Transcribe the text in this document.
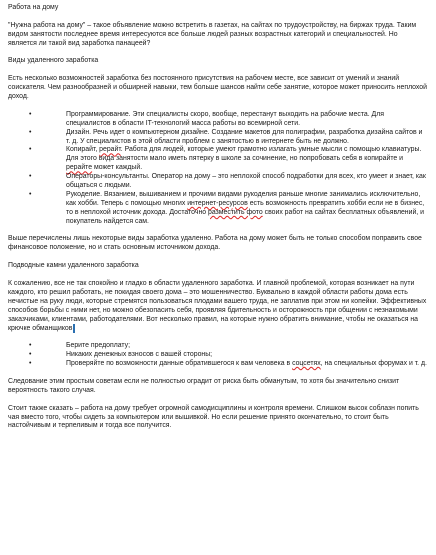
Работа на дому

"Нужна работа на дому" – такое объявление можно встретить в газетах, на сайтах по трудоустройству, на биржах труда. Таким видом занятости последнее время интересуются все больше людей разных возрастных категорий и специальностей. Но является ли такой вид заработка панацеей?

Виды удаленного заработка

Есть несколько возможностей заработка без постоянного присутствия на рабочем месте, все зависит от умений и знаний соискателя. Чем разнообразней и обширней навыки, тем больше шансов найти себе занятие, которое может приносить неплохой доход.

• Программирование. Эти специалисты скоро, вообще, перестанут выходить на рабочие места. Для специалистов в области IT-технологий масса работы во всемирной сети.
• Дизайн. Речь идет о компьютерном дизайне. Создание макетов для полиграфии, разработка дизайна сайтов и т. д. У специалистов в этой области проблем с занятостью в интернете быть не должно.
• Копирайт, рерайт. Работа для людей, которые умеют грамотно излагать умные мысли с помощью клавиатуры. Для этого вида занятости мало иметь пятерку в школе за сочинение, но попробовать себя в копирайте и рерайте может каждый.
• Операторы-консультанты. Оператор на дому – это неплохой способ подработки для всех, кто умеет и знает, как общаться с людьми.
• Рукоделие. Вязанием, вышиванием и прочими видами рукоделия раньше многие занимались исключительно, как хобби. Теперь с помощью многих интернет-ресурсов есть возможность превратить хобби если не в бизнес, то в неплохой источник дохода. Достаточно разместить фото своих работ на сайтах бесплатных объявлений, и покупатель найдется сам.

Выше перечислены лишь некоторые виды заработка удаленно. Работа на дому может быть не только способом поправить свое финансовое положение, но и стать основным источником дохода.

Подводные камни удаленного заработка

К сожалению, все не так спокойно и гладко в области удаленного заработка. И главной проблемой, которая возникает на пути каждого, кто решил работать, не покидая своего дома – это мошенничество. Буквально в каждой области работы дома есть нечистые на руку люди, которые стремятся пользоваться плодами вашего труда, не заплатив при этом ни копейки. Эффективных способов борьбы с ними нет, но можно обезопасить себя, проявляя бдительность и осторожность при общении с незнакомыми заказчиками, клиентами, работодателями. Вот несколько правил, на которые нужно обратить внимание, чтобы не оказаться на крючке обманщиков:

• Берите предоплату;
• Никаких денежных взносов с вашей стороны;
• Проверяйте по возможности данные обратившегося к вам человека в соцсетях, на специальных форумах и т. д.

Следование этим простым советам если не полностью оградит от риска быть обманутым, то хотя бы значительно снизит вероятность такого случая.

Стоит также сказать – работа на дому требует огромной самодисциплины и контроля времени. Слишком высок соблазн попить чая вместо того, чтобы сидеть за компьютером или вышивкой. Но если решение принято окончательно, то стоит быть настойчивым и терпеливым и тогда все получится.
